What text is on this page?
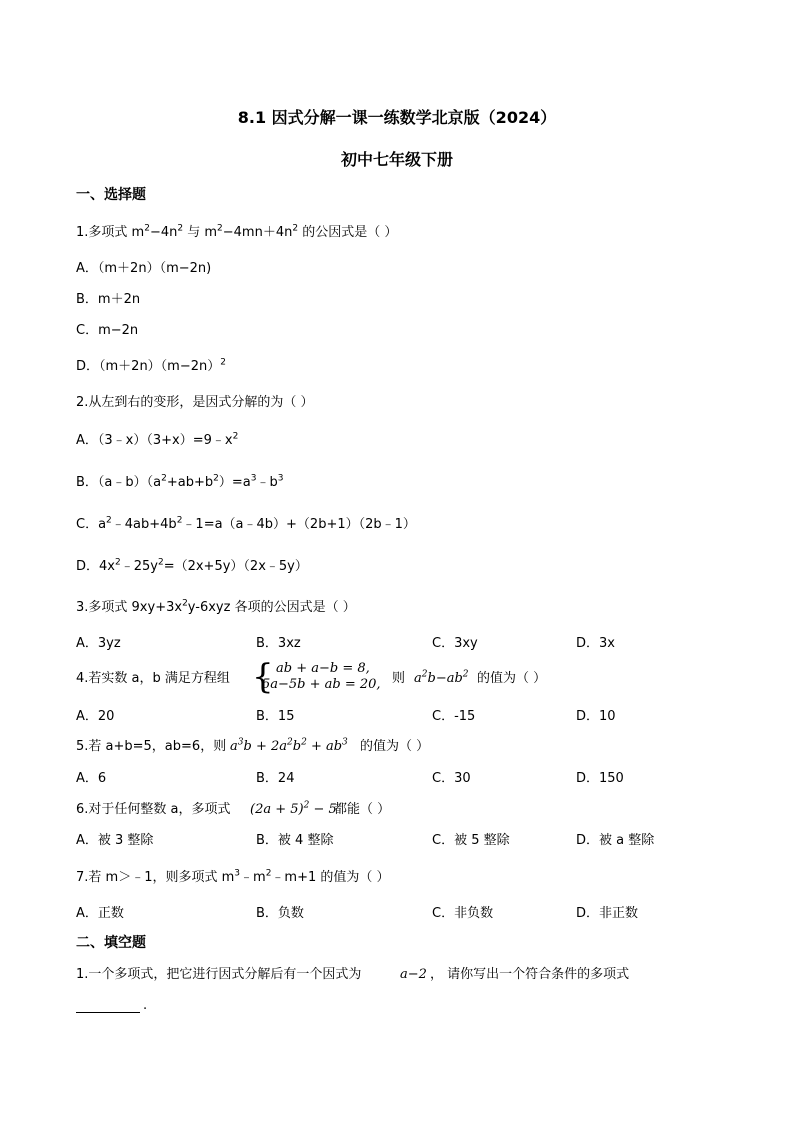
8.1 因式分解一课一练数学北京版（2024）
初中七年级下册
一、选择题
1.多项式 $m^2-4n^2$ 与 $m^2-4mn+4n^2$ 的公因式是（ ）
A．（m＋2n）（m−2n)
B．m＋2n
C．m−2n
D．$(m+2n)(m-2n)^2$
2.从左到右的变形，是因式分解的为（ ）
A．$(3﹣x)(3+x)=9﹣x^2$
B．$(a﹣b)(a^2+ab+b^2)=a^3﹣b^3$
C．$a^2﹣4ab+4b^2﹣1=a(a﹣4b)+(2b+1)(2b﹣1)$
D．$4x^2﹣25y^2=(2x+5y)(2x﹣5y)$
3.多项式 $9xy+3x^2y-6xyz$ 各项的公因式是（ ）
A．3yz	B．3xz	C．3xy	D．3x
4.若实数 a，b 满足方程组 { ab + a−b = 8,
5a−5b + ab = 20, 则 $a^2b-ab^2$ 的值为（ ）
A．20	B．15	C．-15	D．10
5.若 a+b=5，ab=6，则 $a^3b + 2a^2b^2 + ab^3$ 的值为（ ）
A．6	B．24	C．30	D．150
6.对于任何整数 a，多项式 $(2a + 5)^2 - 5$
都能（ ）
A．被 3 整除	B．被 4 整除	C．被 5 整除	D．被 a 整除
7.若 m＞﹣1，则多项式 $m^3﹣m^2﹣m+1$ 的值为（ ）
A．正数	B．负数	C．非负数	D．非正数
二、填空题
1.一个多项式，把它进行因式分解后有一个因式为	a−2 ， 请你写出一个符合条件的多项式
.
